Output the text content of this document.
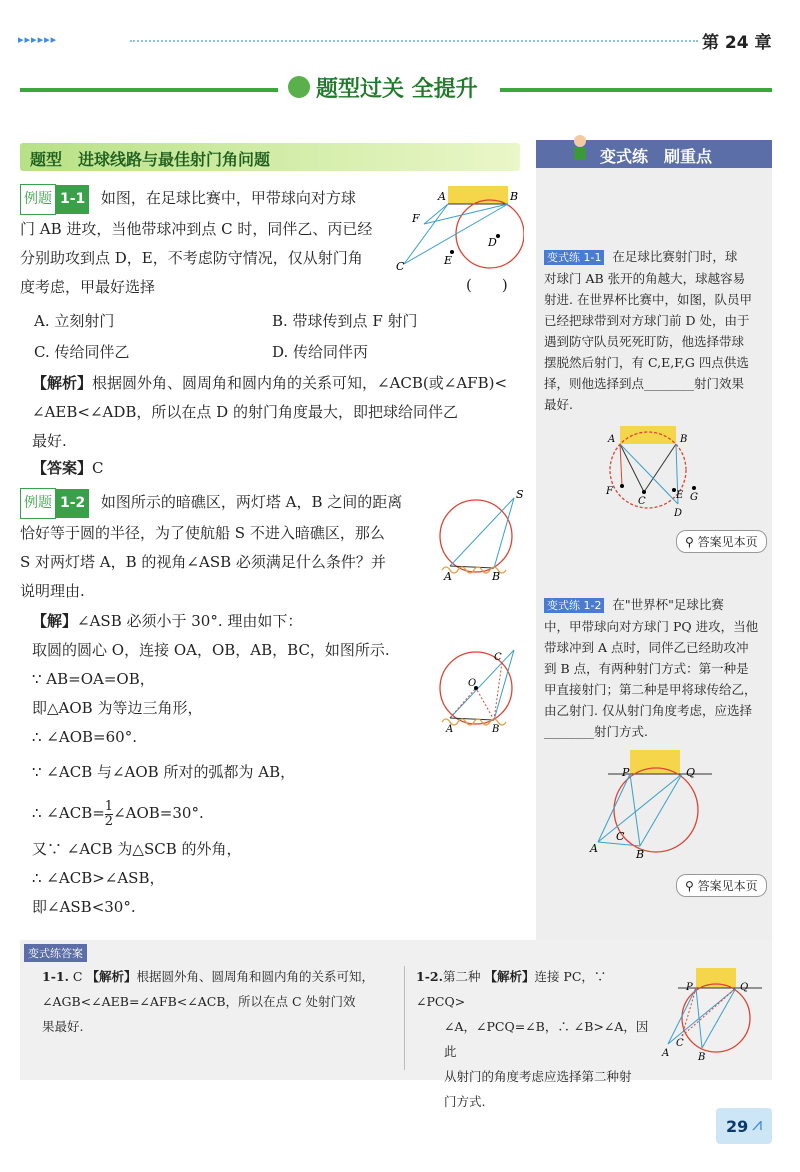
▸▸▸▸▸▸	第 24 章
题型过关 全提升
题型　进球线路与最佳射门角问题	变式练　刷重点
变式练 1-1 在足球比赛射门时，球
对球门 AB 张开的角越大，球越容易
射进. 在世界杯比赛中，如图，队员甲
已经把球带到对方球门前 D 处，由于
遇到防守队员死死盯防，他选择带球
摆脱然后射门，有 C,E,F,G 四点供选
择，则他选择到点________射门效果
最好.
A	B
C
D
E
F
G
⚲ 答案见本页
变式练 1-2 在"世界杯"足球比赛
中，甲带球向对方球门 PQ 进攻，当他
带球冲到 A 点时，同伴乙已经助攻冲
到 B 点，有两种射门方式：第一种是
甲直接射门；第二种是甲将球传给乙，
由乙射门. 仅从射门角度考虑，应选择
________射门方式.
P	Q
A	B
C
⚲ 答案见本页
例题 1-1 如图，在足球比赛中，甲带球向对方球
门 AB 进攻，当他带球冲到点 C 时，同伴乙、丙已经
分别助攻到点 D，E，不考虑防守情况，仅从射门角
度考虑，甲最好选择	(　　)
A	B
C
D
E
F
A. 立刻射门	B. 带球传到点 F 射门
C. 传给同伴乙	D. 传给同伴丙
【解析】根据圆外角、圆周角和圆内角的关系可知，∠ACB(或∠AFB)<
∠AEB<∠ADB，所以在点 D 的射门角度最大，即把球给同伴乙
最好.
【答案】C
例题 1-2 如图所示的暗礁区，两灯塔 A，B 之间的距离
恰好等于圆的半径，为了使航船 S 不进入暗礁区，那么
S 对两灯塔 A，B 的视角∠ASB 必须满足什么条件？并
说明理由.
S
A	B
【解】∠ASB 必须小于 30°. 理由如下：
取圆的圆心 O，连接 OA，OB，AB，BC，如图所示.
∵ AB=OA=OB，
即△AOB 为等边三角形，
∴ ∠AOB=60°.
∵ ∠ACB 与∠AOB 所对的弧都为 AB，
∴ ∠ACB= $\frac{1}{2}$ ∠AOB=30°.
又∵ ∠ACB 为△SCB 的外角，
∴ ∠ACB>∠ASB，
即∠ASB<30°.
O
C
A	B
变式练答案
1-1. C 【解析】根据圆外角、圆周角和圆内角的关系可知，
∠AGB<∠AEB=∠AFB<∠ACB，所以在点 C 处射门效
果最好.
1-2.第二种 【解析】连接 PC，∵ ∠PCQ>
∠A，∠PCQ=∠B，∴ ∠B>∠A，因此
从射门的角度考虑应选择第二种射
门方式.
P	Q
A	B
C
29 ⩘
